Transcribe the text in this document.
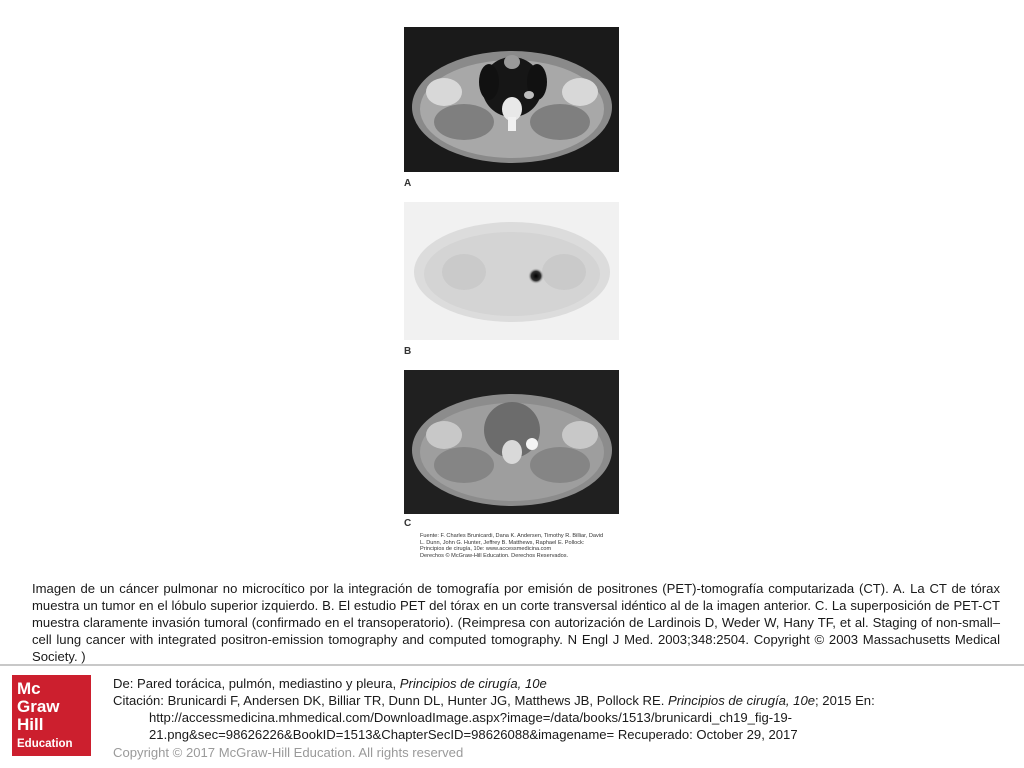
A
B
C
Fuente: F. Charles Brunicardi, Dana K. Andersen, Timothy R. Billiar, David
L. Dunn, John G. Hunter, Jeffrey B. Matthews, Raphael E. Pollock:
Principios de cirugía, 10e: www.accessmedicina.com
Derechos © McGraw-Hill Education. Derechos Reservados.
Imagen de un cáncer pulmonar no microcítico por la integración de tomografía por emisión de positrones (PET)-tomografía computarizada (CT). A. La CT de tórax muestra un tumor en el lóbulo superior izquierdo. B. El estudio PET del tórax en un corte transversal idéntico al de la imagen anterior. C. La superposición de PET-CT muestra claramente invasión tumoral (confirmado en el transoperatorio). (Reimpresa con autorización de Lardinois D, Weder W, Hany TF, et al. Staging of non-small–cell lung cancer with integrated positron-emission tomography and computed tomography. N Engl J Med. 2003;348:2504. Copyright © 2003 Massachusetts Medical Society. )
Mc
Graw
Hill
Education
De: Pared torácica, pulmón, mediastino y pleura, Principios de cirugía, 10e
Citación: Brunicardi F, Andersen DK, Billiar TR, Dunn DL, Hunter JG, Matthews JB, Pollock RE. Principios de cirugía, 10e; 2015 En:
http://accessmedicina.mhmedical.com/DownloadImage.aspx?image=/data/books/1513/brunicardi_ch19_fig-19-
21.png&sec=98626226&BookID=1513&ChapterSecID=98626088&imagename= Recuperado: October 29, 2017
Copyright © 2017 McGraw-Hill Education. All rights reserved
